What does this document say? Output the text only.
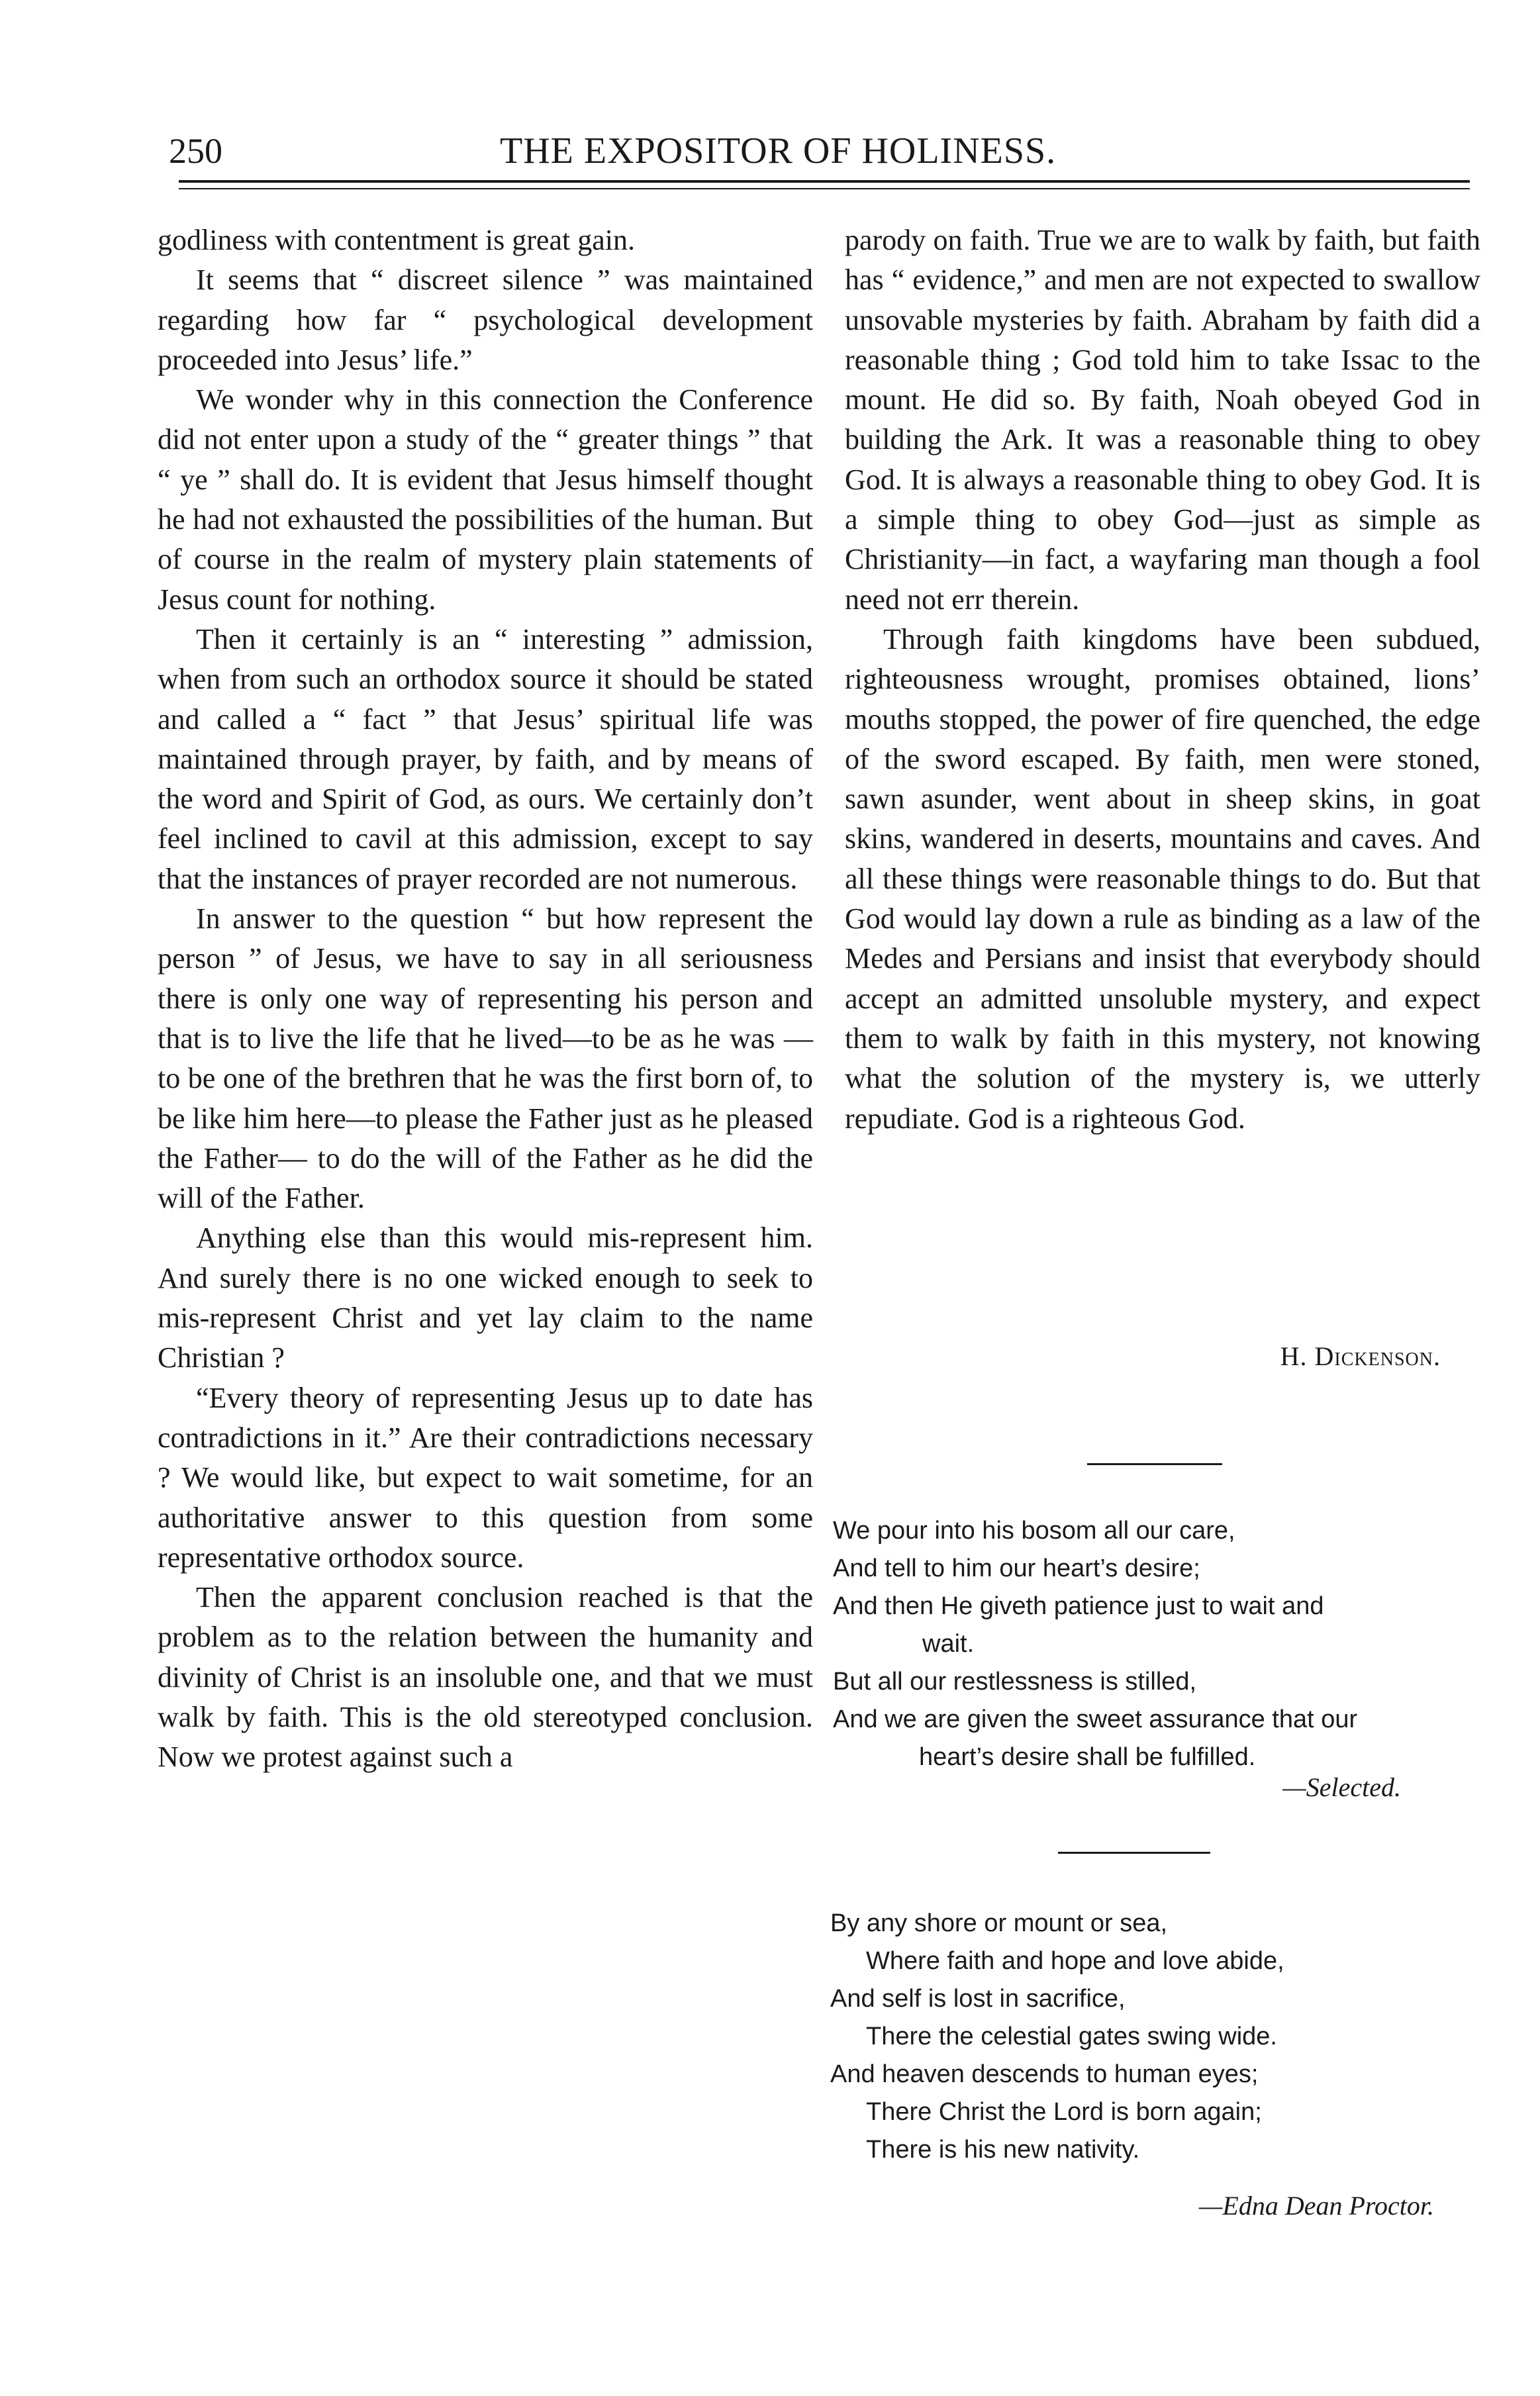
250	THE EXPOSITOR OF HOLINESS.

godliness with contentment is great gain.

It seems that “ discreet silence ” was maintained regarding how far “ psychological development proceeded into Jesus’ life.”

We wonder why in this connection the Conference did not enter upon a study of the “ greater things ” that “ ye ” shall do. It is evident that Jesus himself thought he had not exhausted the possibilities of the human. But of course in the realm of mystery plain statements of Jesus count for nothing.

Then it certainly is an “ interesting ” admission, when from such an orthodox source it should be stated and called a “ fact ” that Jesus’ spiritual life was maintained through prayer, by faith, and by means of the word and Spirit of God, as ours. We certainly don’t feel inclined to cavil at this admission, except to say that the instances of prayer recorded are not numerous.

In answer to the question “ but how represent the person ” of Jesus, we have to say in all seriousness there is only one way of representing his person and that is to live the life that he lived—to be as he was —to be one of the brethren that he was the first born of, to be like him here—to please the Father just as he pleased the Father— to do the will of the Father as he did the will of the Father.

Anything else than this would mis-represent him. And surely there is no one wicked enough to seek to mis-represent Christ and yet lay claim to the name Christian ?

“Every theory of representing Jesus up to date has contradictions in it.” Are their contradictions necessary ? We would like, but expect to wait sometime, for an authoritative answer to this question from some representative orthodox source.

Then the apparent conclusion reached is that the problem as to the relation between the humanity and divinity of Christ is an insoluble one, and that we must walk by faith. This is the old stereotyped conclusion. Now we protest against such a

parody on faith. True we are to walk by faith, but faith has “ evidence,” and men are not expected to swallow unsovable mysteries by faith. Abraham by faith did a reasonable thing ; God told him to take Issac to the mount. He did so. By faith, Noah obeyed God in building the Ark. It was a reasonable thing to obey God. It is always a reasonable thing to obey God. It is a simple thing to obey God—just as simple as Christianity—in fact, a wayfaring man though a fool need not err therein.

Through faith kingdoms have been subdued, righteousness wrought, promises obtained, lions’ mouths stopped, the power of fire quenched, the edge of the sword escaped. By faith, men were stoned, sawn asunder, went about in sheep skins, in goat skins, wandered in deserts, mountains and caves. And all these things were reasonable things to do. But that God would lay down a rule as binding as a law of the Medes and Persians and insist that everybody should accept an admitted unsoluble mystery, and expect them to walk by faith in this mystery, not knowing what the solution of the mystery is, we utterly repudiate. God is a righteous God.

H. Dickenson.
We pour into his bosom all our care,
And tell to him our heart’s desire;
And then He giveth patience just to wait and
wait.
But all our restlessness is stilled,
And we are given the sweet assurance that our
heart’s desire shall be fulfilled.
—Selected.
By any shore or mount or sea,
Where faith and hope and love abide,
And self is lost in sacrifice,
There the celestial gates swing wide.
And heaven descends to human eyes;
There Christ the Lord is born again;
There is his new nativity.
—Edna Dean Proctor.
